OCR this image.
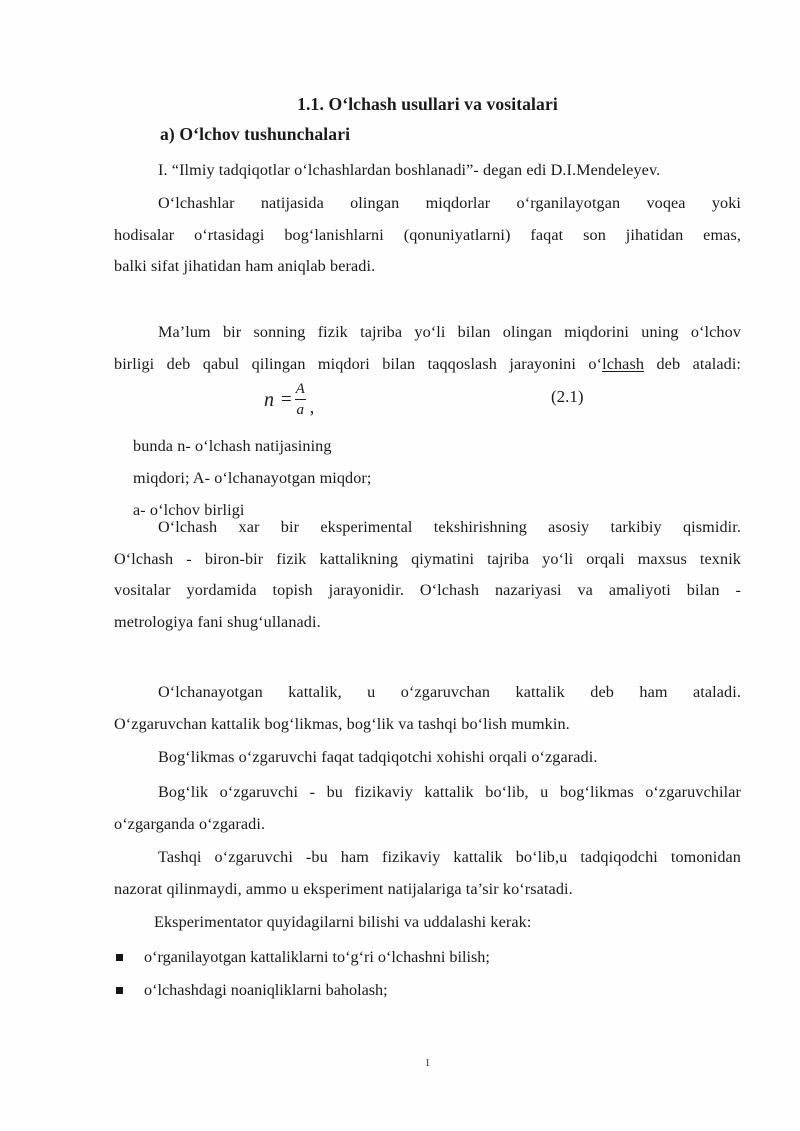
1.1. O‘lchash usullari va vositalari
a) O‘lchov tushunchalari
I. “Ilmiy tadqiqotlar o‘lchashlardan boshlanadi”- degan edi D.I.Mendeleyev.
O‘lchashlar natijasida olingan miqdorlar o‘rganilayotgan voqea yoki
hodisalar o‘rtasidagi bog‘lanishlarni (qonuniyatlarni) faqat son jihatidan emas,
balki sifat jihatidan ham aniqlab beradi.
Ma’lum bir sonning fizik tajriba yo‘li bilan olingan miqdorini uning o‘lchov
birligi deb qabul qilingan miqdori bilan taqqoslash jarayonini o‘lchash deb ataladi:
$n = \frac{A}{a}$ ,	(2.1)
bunda n- o‘lchash natijasining
miqdori; A- o‘lchanayotgan miqdor;
a- o‘lchov birligi
O‘lchash xar bir eksperimental tekshirishning asosiy tarkibiy qismidir.
O‘lchash - biron-bir fizik kattalikning qiymatini tajriba yo‘li orqali maxsus texnik
vositalar yordamida topish jarayonidir. O‘lchash nazariyasi va amaliyoti bilan -
metrologiya fani shug‘ullanadi.
O‘lchanayotgan kattalik, u o‘zgaruvchan kattalik deb ham ataladi.
O‘zgaruvchan kattalik bog‘likmas, bog‘lik va tashqi bo‘lish mumkin.
Bog‘likmas o‘zgaruvchi faqat tadqiqotchi xohishi orqali o‘zgaradi.
Bog‘lik o‘zgaruvchi - bu fizikaviy kattalik bo‘lib, u bog‘likmas o‘zgaruvchilar
o‘zgarganda o‘zgaradi.
Tashqi o‘zgaruvchi -bu ham fizikaviy kattalik bo‘lib,u tadqiqodchi tomonidan
nazorat qilinmaydi, ammo u eksperiment natijalariga ta’sir ko‘rsatadi.
Eksperimentator quyidagilarni bilishi va uddalashi kerak:
o‘rganilayotgan kattaliklarni to‘g‘ri o‘lchashni bilish;
o‘lchashdagi noaniqliklarni baholash;
1
